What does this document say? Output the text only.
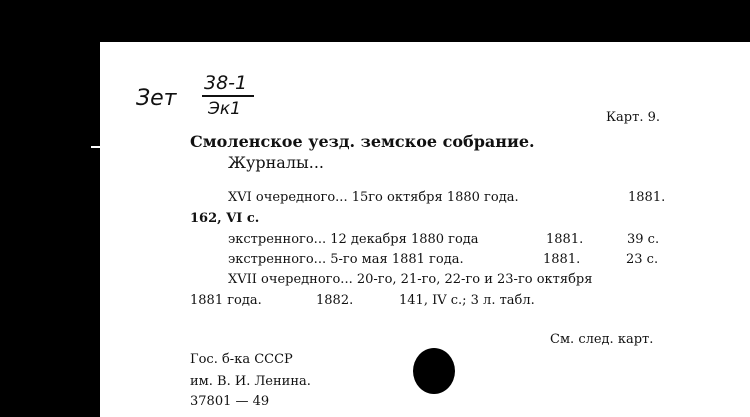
Зет
38-1
Эк1	Карт. 9.
Смоленское уезд. земское собрание.
Журналы...
XVI очередного... 15го октября 1880 года.	1881.
162, VI с.
экстренного... 12 декабря 1880 года	1881.	39 с.
экстренного... 5-го мая 1881 года.	1881.	23 с.
XVII очередного... 20-го, 21-го, 22-го и 23-го октября
1881 года.	1882.	141, IV с.; 3 л. табл.
См. след. карт.
Гос. б-ка СССР
им. В. И. Ленина.
37801 — 49
